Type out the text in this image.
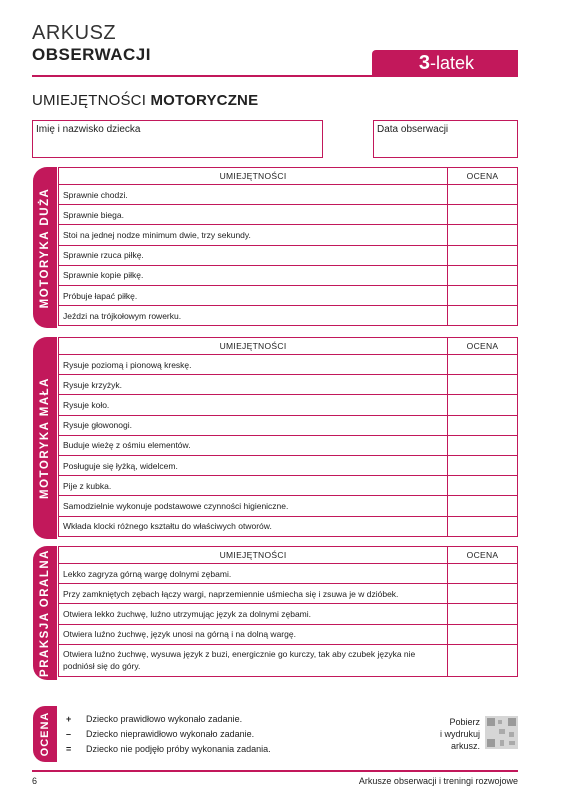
ARKUSZ
OBSERWACJI	3-latek
UMIEJĘTNOŚCI MOTORYCZNE
Imię i nazwisko dziecka	Data obserwacji
MOTORYKA DUŻA
UMIEJĘTNOŚCI	OCENA
Sprawnie chodzi.	
Sprawnie biega.	
Stoi na jednej nodze minimum dwie, trzy sekundy.	
Sprawnie rzuca piłkę.	
Sprawnie kopie piłkę.	
Próbuje łapać piłkę.	
Jeździ na trójkołowym rowerku.	
MOTORYKA MAŁA
UMIEJĘTNOŚCI	OCENA
Rysuje poziomą i pionową kreskę.	
Rysuje krzyżyk.	
Rysuje koło.	
Rysuje głowonogi.	
Buduje wieżę z ośmiu elementów.	
Posługuje się łyżką, widelcem.	
Pije z kubka.	
Samodzielnie wykonuje podstawowe czynności higieniczne.	
Wkłada klocki różnego kształtu do właściwych otworów.	
PRAKSJA ORALNA	UMIEJĘTNOŚCI	OCENA
Lekko zagryza górną wargę dolnymi zębami.	
Przy zamkniętych zębach łączy wargi, naprzemiennie uśmiecha się i zsuwa je w dzióbek.	
Otwiera lekko żuchwę, luźno utrzymując język za dolnymi zębami.	
Otwiera luźno żuchwę, język unosi na górną i na dolną wargę.	
Otwiera luźno żuchwę, wysuwa język z buzi, energicznie go kurczy, tak aby czubek języka nie podniósł się do góry.	
OCENA + Dziecko prawidłowo wykonało zadanie.
– Dziecko nieprawidłowo wykonało zadanie.
= Dziecko nie podjęło próby wykonania zadania.
Pobierz
i wydrukuj
arkusz.
6	Arkusze obserwacji i treningi rozwojowe
